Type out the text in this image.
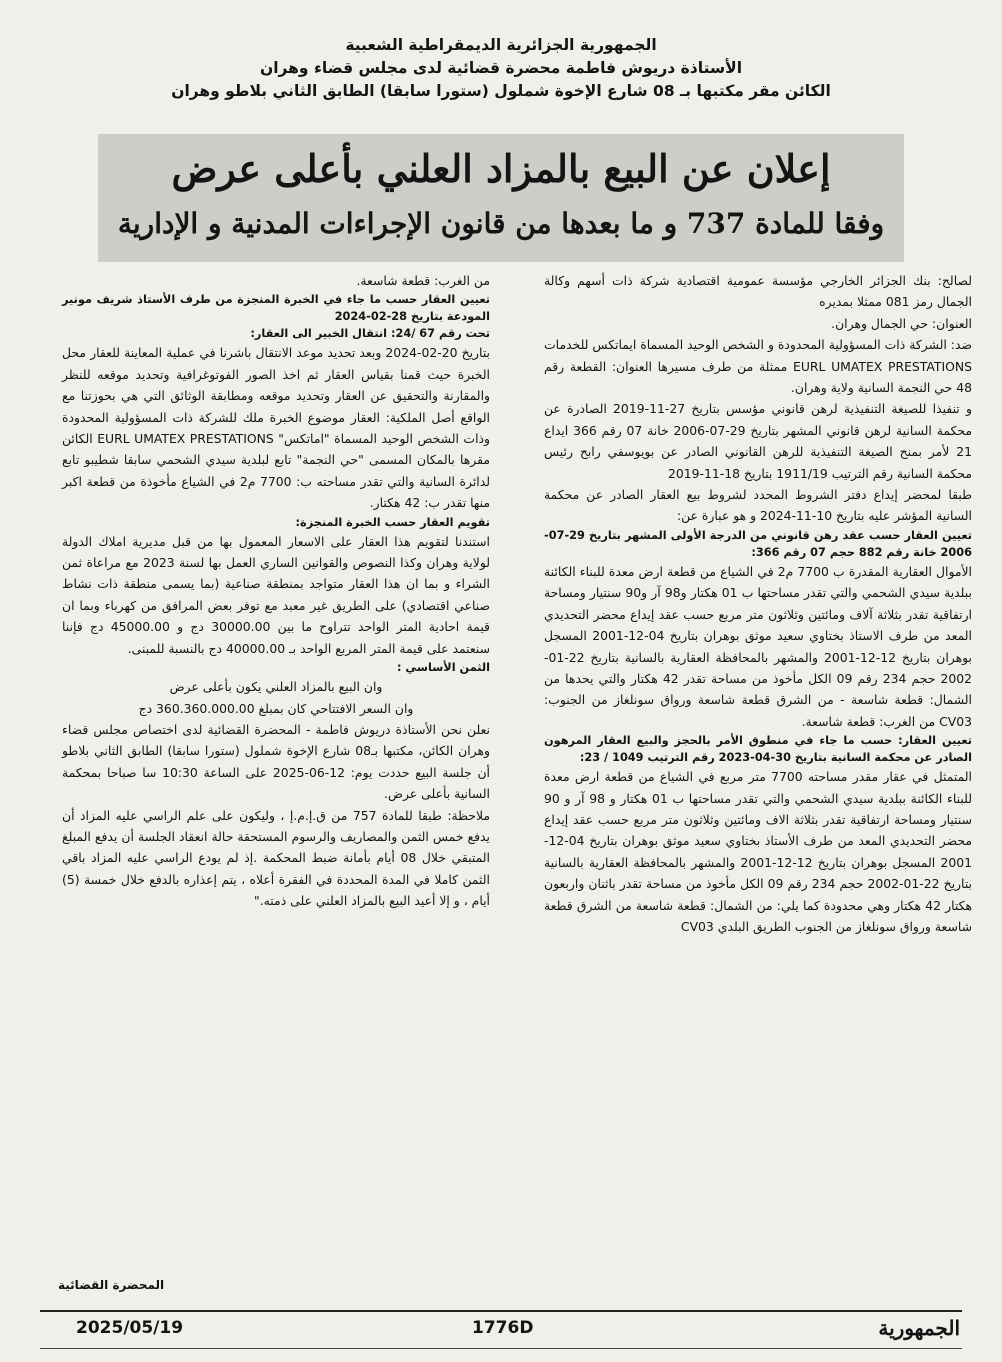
الجمهورية الجزائرية الديمقراطية الشعبية
الأستاذة دريوش فاطمة محضرة قضائية لدى مجلس قضاء وهران
الكائن مقر مكتبها بـ 08 شارع الإخوة شملول (ستورا سابقا) الطابق الثاني بلاطو وهران
إعلان عن البيع بالمزاد العلني بأعلى عرض
وفقا للمادة 737 و ما بعدها من قانون الإجراءات المدنية و الإدارية

لصالح: بنك الجزائر الخارجي مؤسسة عمومية اقتصادية شركة ذات أسهم وكالة الجمال رمز 081 ممثلا بمديره

العنوان: حي الجمال وهران.

ضد: الشركة ذات المسؤولية المحدودة و الشخص الوحيد المسماة ايماتكس للخدمات EURL UMATEX PRESTATIONS ممثلة من طرف مسيرها العنوان: القطعة رقم 48 حي النجمة السانية ولاية وهران.

و تنفيذا للصيغة التنفيذية لرهن قانوني مؤسس بتاريخ 27-11-2019 الصادرة عن محكمة السانية لرهن قانوني المشهر بتاريخ 29-07-2006 خانة 07 رقم 366 ايداع 21 لأمر بمنح الصيغة التنفيذية للرهن القانوني الصادر عن بويوسفي رابح رئيس محكمة السانية رقم الترتيب 1911/19 بتاريخ 18-11-2019

طبقا لمحضر إيداع دفتر الشروط المحدد لشروط بيع العقار الصادر عن محكمة السانية المؤشر عليه بتاريخ 10-11-2024 و هو عبارة عن:

تعيين العقار حسب عقد رهن قانوني من الدرجة الأولى المشهر بتاريخ 29-07-2006 خانة رقم 882 حجم 07 رقم 366:

الأموال العقارية المقدرة ب 7700 م2 في الشياع من قطعة ارض معدة للبناء الكائنة ببلدية سيدي الشحمي والتي تقدر مساحتها ب 01 هكتار و98 آر و90 سنتيار ومساحة ارتفاقية تقدر بثلاثة آلاف ومائتين وثلاثون متر مربع حسب عقد إيداع محضر التحديدي المعد من طرف الاستاذ بختاوي سعيد موثق بوهران بتاريخ 04-12-2001 المسجل بوهران بتاريخ 12-12-2001 والمشهر بالمحافظة العقارية بالسانية بتاريخ 22-01-2002 حجم 234 رقم 09 الكل مأخوذ من مساحة تقدر 42 هكتار والتي يحدها من الشمال: قطعة شاسعة - من الشرق قطعة شاسعة ورواق سونلغاز من الجنوب: CV03 من الغرب: قطعة شاسعة.

تعيين العقار: حسب ما جاء في منطوق الأمر بالحجز والبيع العقار المرهون الصادر عن محكمة السانية بتاريخ 30-04-2023 رقم الترتيب 1049 / 23:

المتمثل في عقار مقدر مساحته 7700 متر مربع في الشياع من قطعة ارض معدة للبناء الكائنة ببلدية سيدي الشحمي والتي تقدر مساحتها ب 01 هكتار و 98 آر و 90 سنتيار ومساحة ارتفاقية تقدر بثلاثة الاف ومائتين وثلاثون متر مربع حسب عقد إيداع محضر التحديدي المعد من طرف الأستاذ بختاوي سعيد موثق بوهران بتاريخ 04-12-2001 المسجل بوهران بتاريخ 12-12-2001 والمشهر بالمحافظة العقارية بالسانية بتاريخ 22-01-2002 حجم 234 رقم 09 الكل مأخوذ من مساحة تقدر باثنان واربعون هكتار 42 هكتار وهي محدودة كما يلي: من الشمال: قطعة شاسعة من الشرق قطعة شاسعة ورواق سونلغاز من الجنوب الطريق البلدي CV03

من الغرب: قطعة شاسعة.

تعيين العقار حسب ما جاء في الخبرة المنجزة من طرف الأستاذ شريف مونير المودعة بتاريخ 28-02-2024

تحت رقم 67 /24: انتقال الخبير الى العقار:

بتاريخ 20-02-2024 وبعد تحديد موعد الانتقال باشرنا في عملية المعاينة للعقار محل الخبرة حيث قمنا بقياس العقار ثم اخذ الصور الفوتوغرافية وتحديد موقعه للنظر والمقارنة والتحقيق عن العقار وتحديد موقعه ومطابقة الوثائق التي هي بحوزتنا مع الواقع أصل الملكية: العقار موضوع الخبرة ملك للشركة ذات المسؤولية المحدودة وذات الشخص الوحيد المسماة "اماتكس" EURL UMATEX PRESTATIONS الكائن مقرها بالمكان المسمى "حي النجمة" تابع لبلدية سيدي الشحمي سابقا شطيبو تابع لدائرة السانية والتي تقدر مساحته ب: 7700 م2 في الشياع مأخوذة من قطعة اكبر منها تقدر ب: 42 هكتار.

تقويم العقار حسب الخبرة المنجزة:

استندنا لتقويم هذا العقار على الاسعار المعمول بها من قبل مديرية املاك الدولة لولاية وهران وكذا النصوص والقوانين الساري العمل بها لسنة 2023 مع مراعاة ثمن الشراء و بما ان هذا العقار متواجد بمنطقة صناعية (بما يسمى منطقة ذات نشاط صناعي اقتصادي) على الطريق غير معبد مع توفر بعض المرافق من كهرباء وبما ان قيمة احادية المتر الواحد تتراوح ما بين 30000.00 دج و 45000.00 دج فإننا سنعتمد على قيمة المتر المربع الواحد بـ 40000.00 دج بالنسبة للمبنى.

الثمن الأساسي :

وان البيع بالمزاد العلني يكون بأعلى عرض

وان السعر الافتتاحي كان بمبلغ 360.360.000.00 دج

نعلن نحن الأستاذة دريوش فاطمة - المحضرة القضائية لدى اختصاص مجلس قضاء وهران الكائن، مكتبها بـ08 شارع الإخوة شملول (ستورا سابقا) الطابق الثاني بلاطو أن جلسة البيع حددت يوم: 12-06-2025 على الساعة 10:30 سا صباحا بمحكمة السانية بأعلى عرض.

ملاحظة: طبقا للمادة 757 من ق.إ.م.إ ، وليكون على علم الراسي عليه المزاد أن يدفع خمس الثمن والمصاريف والرسوم المستحقة حالة انعقاد الجلسة أن يدفع المبلغ المتبقي خلال 08 أيام بأمانة ضبط المحكمة .إذ لم يودع الراسي عليه المزاد باقي الثمن كاملا في المدة المحددة في الفقرة أعلاه ، يتم إعذاره بالدفع خلال خمسة (5) أيام ، و إلا أعيد البيع بالمزاد العلني على ذمته."

المحضرة القضائية
2025/05/19	1776D	الجمهورية
